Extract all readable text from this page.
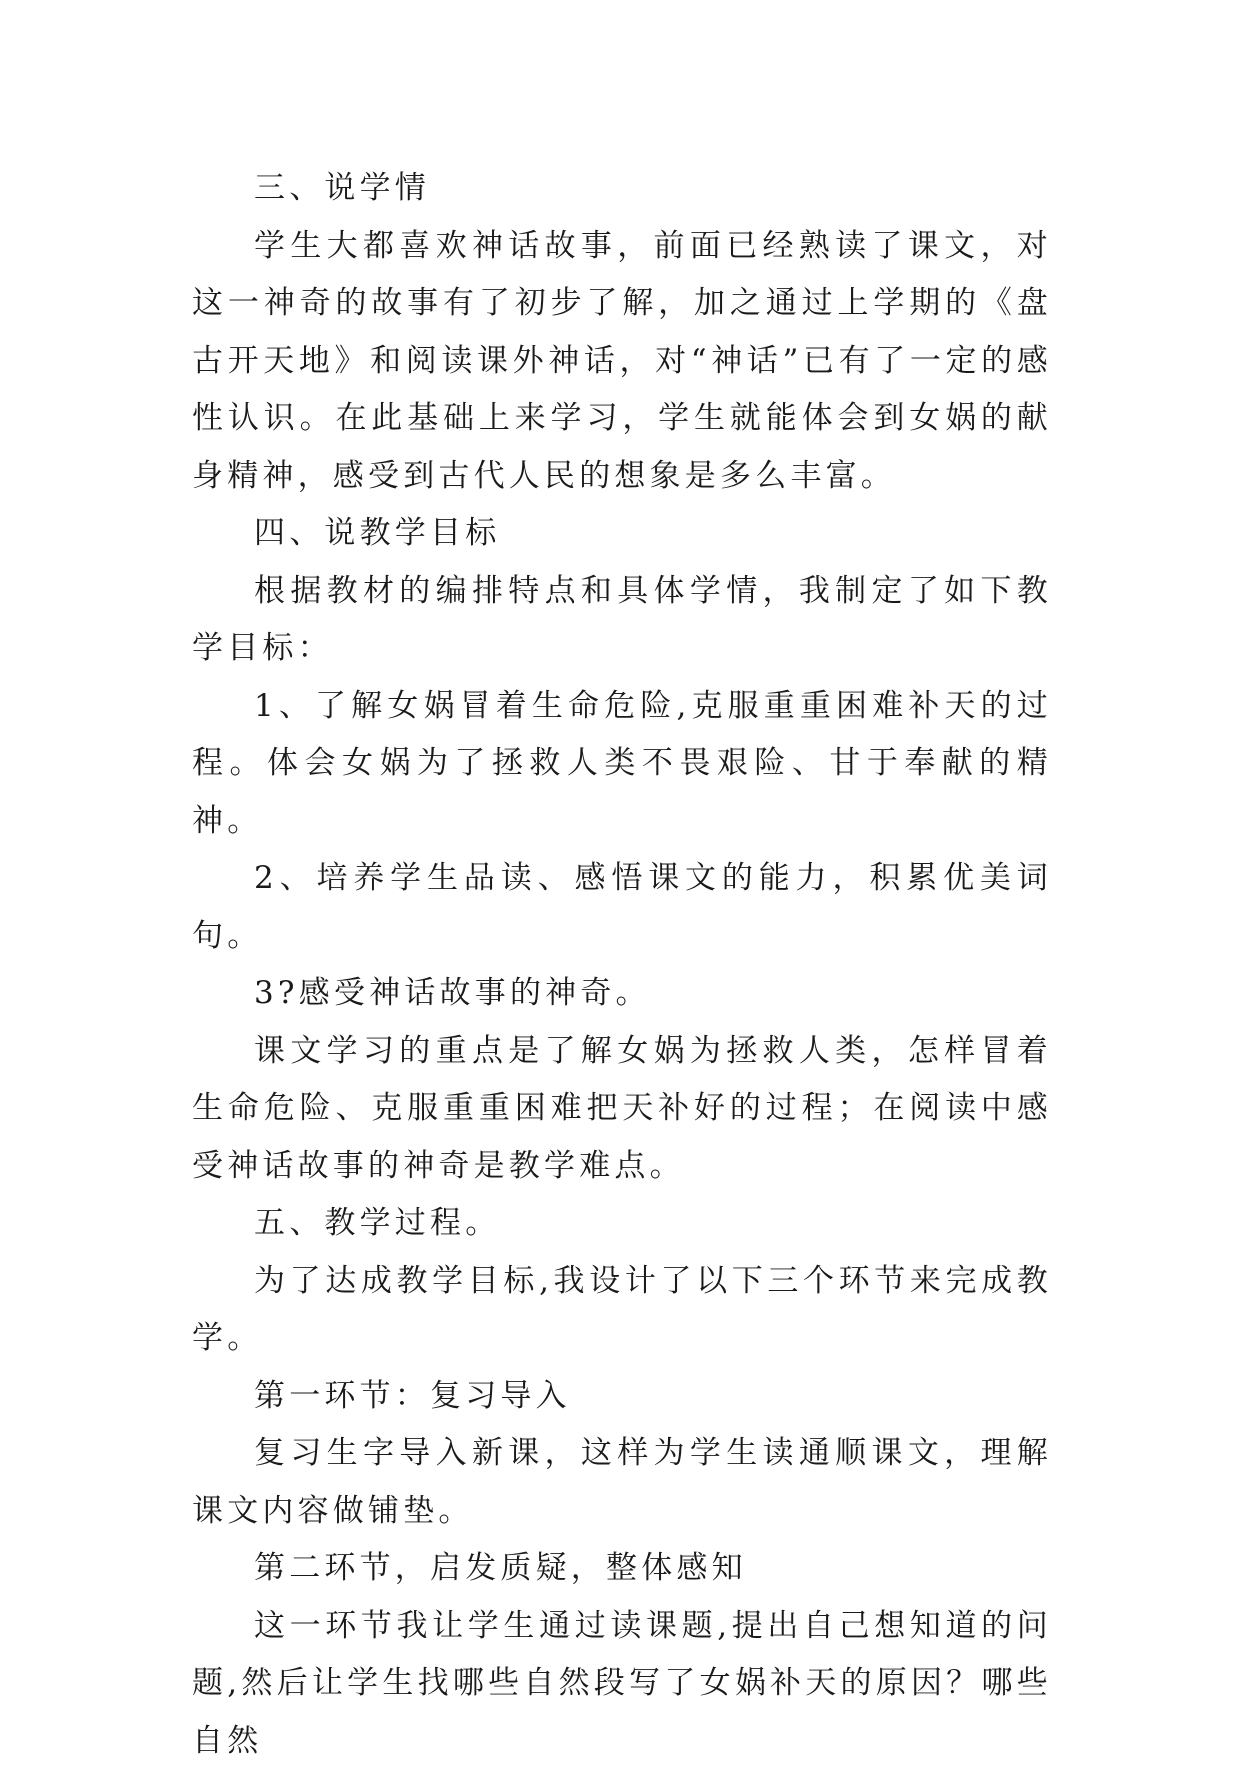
三、说学情

学生大都喜欢神话故事，前面已经熟读了课文，对这一神奇的故事有了初步了解，加之通过上学期的《盘古开天地》和阅读课外神话，对“神话”已有了一定的感性认识。在此基础上来学习，学生就能体会到女娲的献身精神，感受到古代人民的想象是多么丰富。

四、说教学目标

根据教材的编排特点和具体学情，我制定了如下教学目标：

1、了解女娲冒着生命危险,克服重重困难补天的过程。体会女娲为了拯救人类不畏艰险、甘于奉献的精神。

2、培养学生品读、感悟课文的能力，积累优美词句。

3?感受神话故事的神奇。

课文学习的重点是了解女娲为拯救人类，怎样冒着生命危险、克服重重困难把天补好的过程；在阅读中感受神话故事的神奇是教学难点。

五、教学过程。

为了达成教学目标,我设计了以下三个环节来完成教学。

第一环节：复习导入

复习生字导入新课，这样为学生读通顺课文，理解课文内容做铺垫。

第二环节，启发质疑，整体感知

这一环节我让学生通过读课题,提出自己想知道的问题,然后让学生找哪些自然段写了女娲补天的原因？哪些自然
